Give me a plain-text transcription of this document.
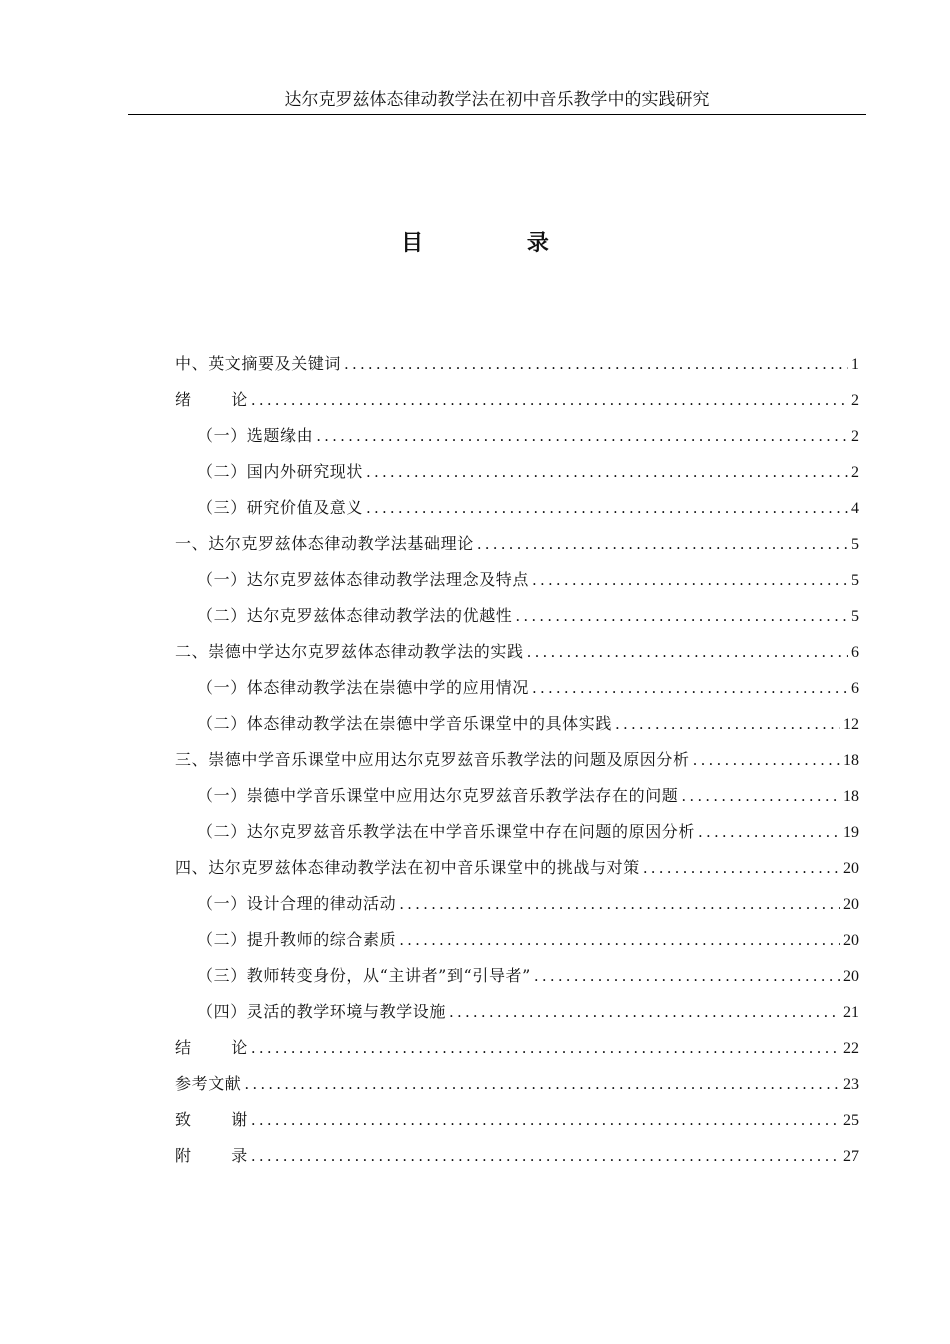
达尔克罗兹体态律动教学法在初中音乐教学中的实践研究
目 录
中、英文摘要及关键词 .....	1
绪 论 .....	2
（一）选题缘由 .....	2
（二）国内外研究现状 .....	2
（三）研究价值及意义 .....	4
一、达尔克罗兹体态律动教学法基础理论 .....	5
（一）达尔克罗兹体态律动教学法理念及特点 .....	5
（二）达尔克罗兹体态律动教学法的优越性 .....	5
二、崇德中学达尔克罗兹体态律动教学法的实践 .....	6
（一）体态律动教学法在崇德中学的应用情况 .....	6
（二）体态律动教学法在崇德中学音乐课堂中的具体实践 .....	12
三、崇德中学音乐课堂中应用达尔克罗兹音乐教学法的问题及原因分析 .....	18
（一）崇德中学音乐课堂中应用达尔克罗兹音乐教学法存在的问题 .....	18
（二）达尔克罗兹音乐教学法在中学音乐课堂中存在问题的原因分析 .....	19
四、达尔克罗兹体态律动教学法在初中音乐课堂中的挑战与对策 .....	20
（一）设计合理的律动活动 .....	20
（二）提升教师的综合素质 .....	20
（三）教师转变身份，从“主讲者”到“引导者” .....	20
（四）灵活的教学环境与教学设施 .....	21
结 论 .....	22
参考文献 .....	23
致 谢 .....	25
附 录 .....	27
